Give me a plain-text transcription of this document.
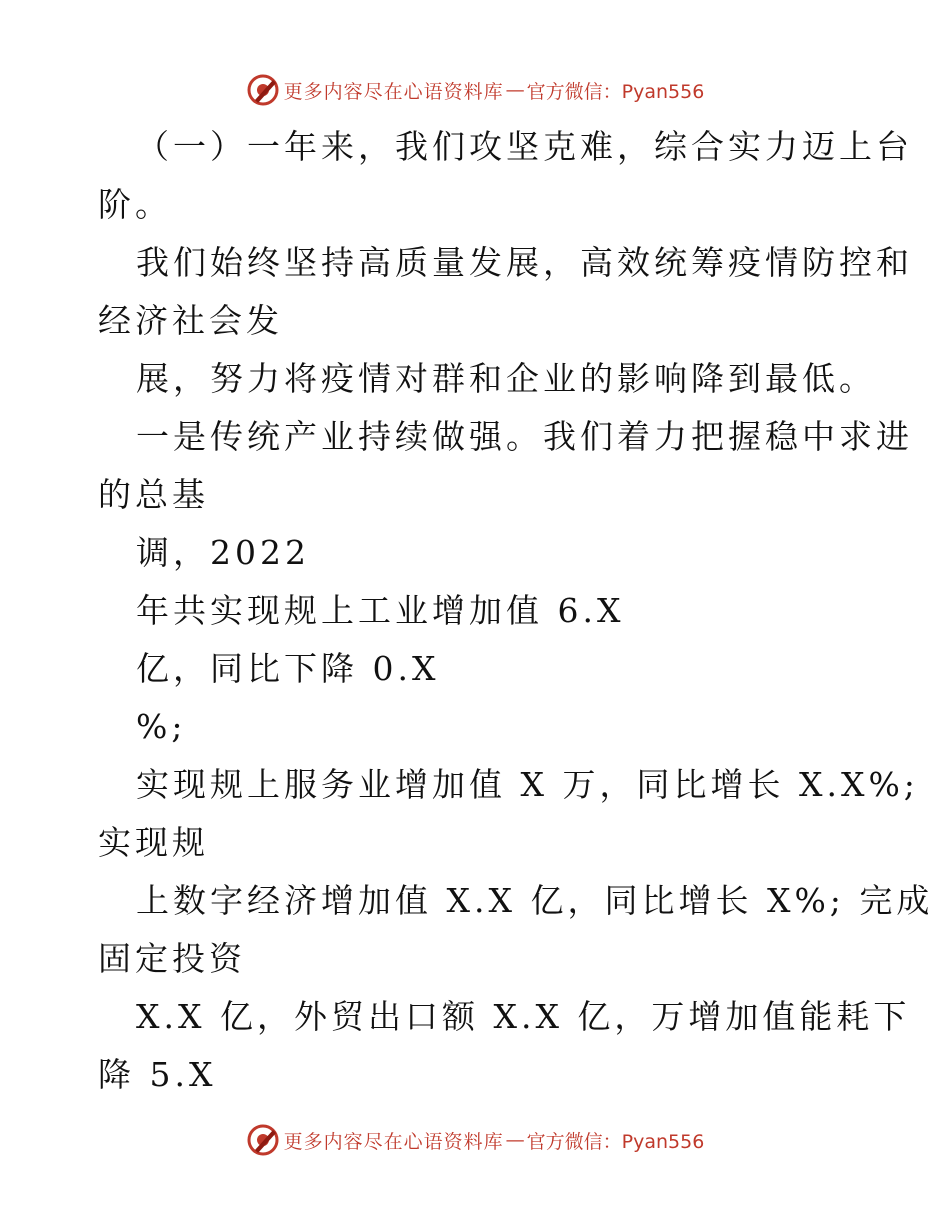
更多内容尽在心语资料库 — 官方微信：Pyan556
（一）一年来，我们攻坚克难，综合实力迈上台
阶。
我们始终坚持高质量发展，高效统筹疫情防控和
经济社会发
展，努力将疫情对群和企业的影响降到最低。
一是传统产业持续做强。我们着力把握稳中求进
的总基
调，2022
年共实现规上工业增加值 6.X
亿，同比下降 0.X
%;
实现规上服务业增加值 X 万，同比增长 X.X%;
实现规
上数字经济增加值 X.X 亿，同比增长 X%; 完成
固定投资
X.X 亿，外贸出口额 X.X 亿，万增加值能耗下
降 5.X
更多内容尽在心语资料库 — 官方微信：Pyan556
